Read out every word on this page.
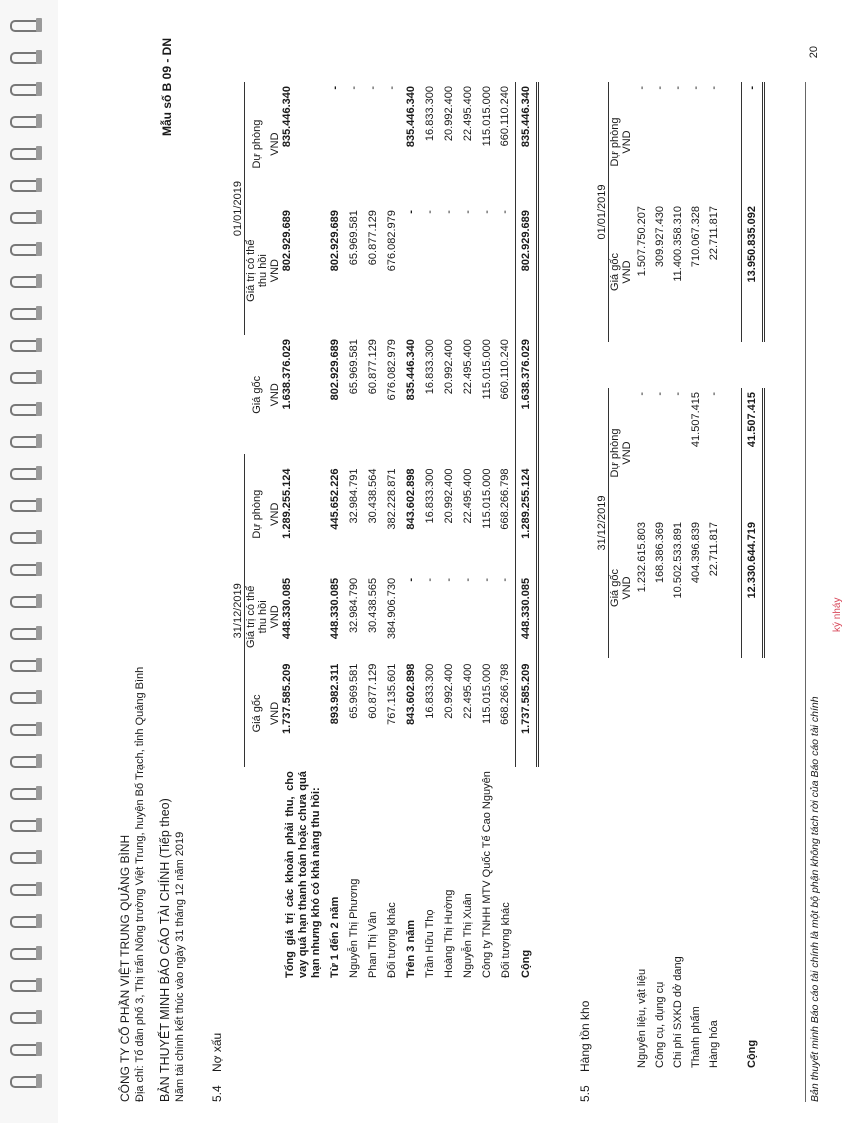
CÔNG TY CỔ PHẦN VIỆT TRUNG QUẢNG BÌNH Địa chỉ: Tổ dân phố 3, Thị trấn Nông trường Việt Trung, huyện Bố Trạch, tỉnh Quảng Bình BẢN THUYẾT MINH BÁO CÁO TÀI CHÍNH (Tiếp theo) Năm tài chính kết thúc vào ngày 31 tháng 12 năm 2019
Mẫu số B 09 - DN
5.4
Nợ xấu
	31/12/2019				01/01/2019	
	Giá gốc	Giá trị có thể
thu hồi	Dự phòng	Giá gốc	Giá trị có thể
thu hồi	Dự phòng
	VND	VND	VND	VND	VND	VND
Tổng giá trị các khoản phải thu, cho vay quá hạn thanh toán hoặc chưa quá hạn nhưng khó có khả năng thu hồi:	1.737.585.209	448.330.085	1.289.255.124	1.638.376.029	802.929.689	835.446.340
Từ 1 đến 2 năm	893.982.311	448.330.085	445.652.226	802.929.689	802.929.689	-
Nguyễn Thị Phương	65.969.581	32.984.790	32.984.791	65.969.581	65.969.581	-
Phan Thị Vân	60.877.129	30.438.565	30.438.564	60.877.129	60.877.129	-
Đối tượng khác	767.135.601	384.906.730	382.228.871	676.082.979	676.082.979	-
Trên 3 năm	843.602.898	-	843.602.898	835.446.340	-	835.446.340
Trần Hữu Thọ	16.833.300	-	16.833.300	16.833.300	-	16.833.300
Hoàng Thị Hường	20.992.400	-	20.992.400	20.992.400	-	20.992.400
Nguyễn Thị Xuân	22.495.400	-	22.495.400	22.495.400	-	22.495.400
Công ty TNHH MTV Quốc Tế Cao Nguyên	115.015.000	-	115.015.000	115.015.000	-	115.015.000
Đối tượng khác	668.266.798	-	668.266.798	660.110.240	-	660.110.240
Cộng	1.737.585.209	448.330.085	1.289.255.124	1.638.376.029	802.929.689	835.446.340
5.5
Hàng tồn kho
	31/12/2019			01/01/2019	
	Giá gốc	Dự phòng		Giá gốc	Dự phòng
	VND	VND		VND	VND
Nguyên liệu, vật liệu	1.232.615.803	-		1.507.750.207	-
Công cụ, dụng cụ	168.386.369	-		309.927.430	-
Chi phí SXKD dở dang	10.502.533.891	-		11.400.358.310	-
Thành phẩm	404.396.839	41.507.415		710.067.328	-
Hàng hóa	22.711.817	-		22.711.817	-

Cộng	12.330.644.719	41.507.415		13.950.835.092	-
Bản thuyết minh Báo cáo tài chính là một bộ phận không tách rời của Báo cáo tài chính
20
ký nháy
